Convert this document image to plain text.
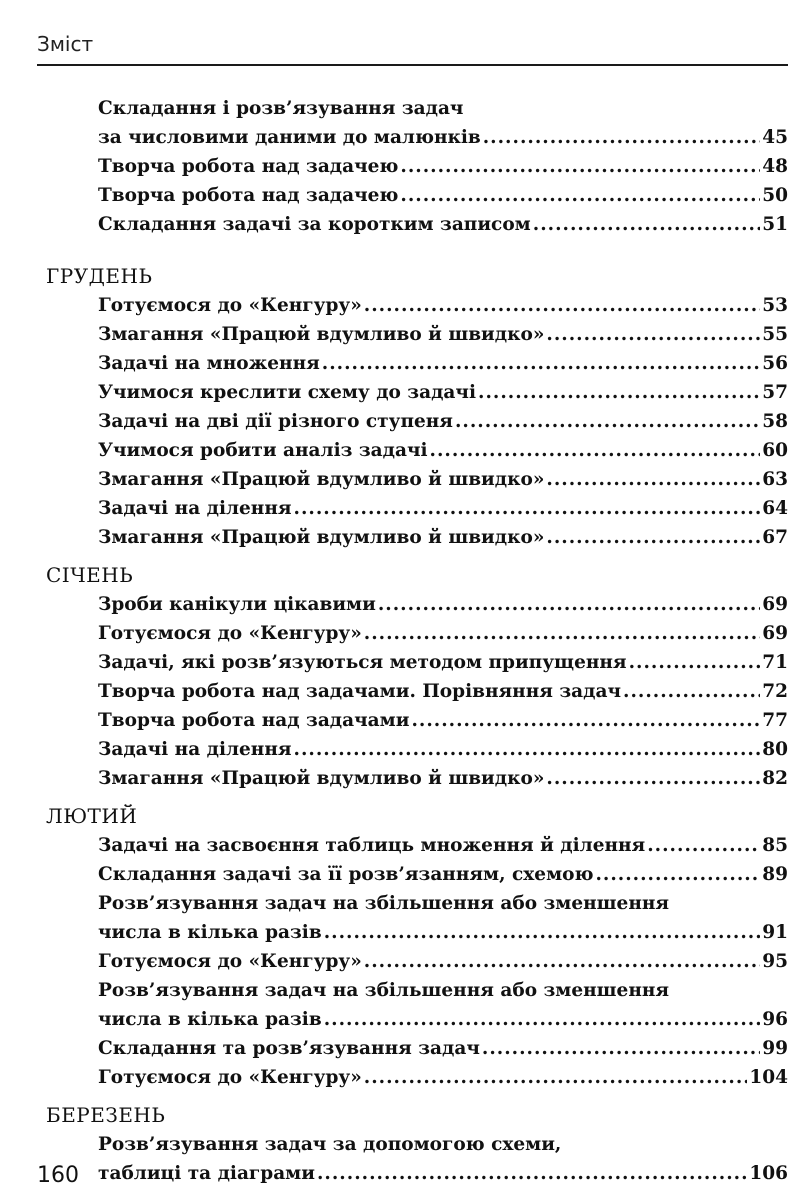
Зміст
Складання і розв’язування задач
за числовими даними до малюнків .....	45
Творча робота над задачею .....	48
Творча робота над задачею .....	50
Складання задачі за коротким записом .....	51
ГРУДЕНЬ
Готуємося до «Кенгуру» .....	53
Змагання «Працюй вдумливо й швидко» .....	55
Задачі на множення .....	56
Учимося креслити схему до задачі .....	57
Задачі на дві дії різного ступеня .....	58
Учимося робити аналіз задачі .....	60
Змагання «Працюй вдумливо й швидко» .....	63
Задачі на ділення .....	64
Змагання «Працюй вдумливо й швидко» .....	67
СІЧЕНЬ
Зроби канікули цікавими .....	69
Готуємося до «Кенгуру» .....	69
Задачі, які розв’язуються методом припущення .....	71
Творча робота над задачами. Порівняння задач .....	72
Творча робота над задачами .....	77
Задачі на ділення .....	80
Змагання «Працюй вдумливо й швидко» .....	82
ЛЮТИЙ
Задачі на засвоєння таблиць множення й ділення .....	85
Складання задачі за її розв’язанням, схемою .....	89
Розв’язування задач на збільшення або зменшення
числа в кілька разів .....	91
Готуємося до «Кенгуру» .....	95
Розв’язування задач на збільшення або зменшення
числа в кілька разів .....	96
Складання та розв’язування задач .....	99
Готуємося до «Кенгуру» .....	104
БЕРЕЗЕНЬ
Розв’язування задач за допомогою схеми,
таблиці та діаграми .....	106
160
